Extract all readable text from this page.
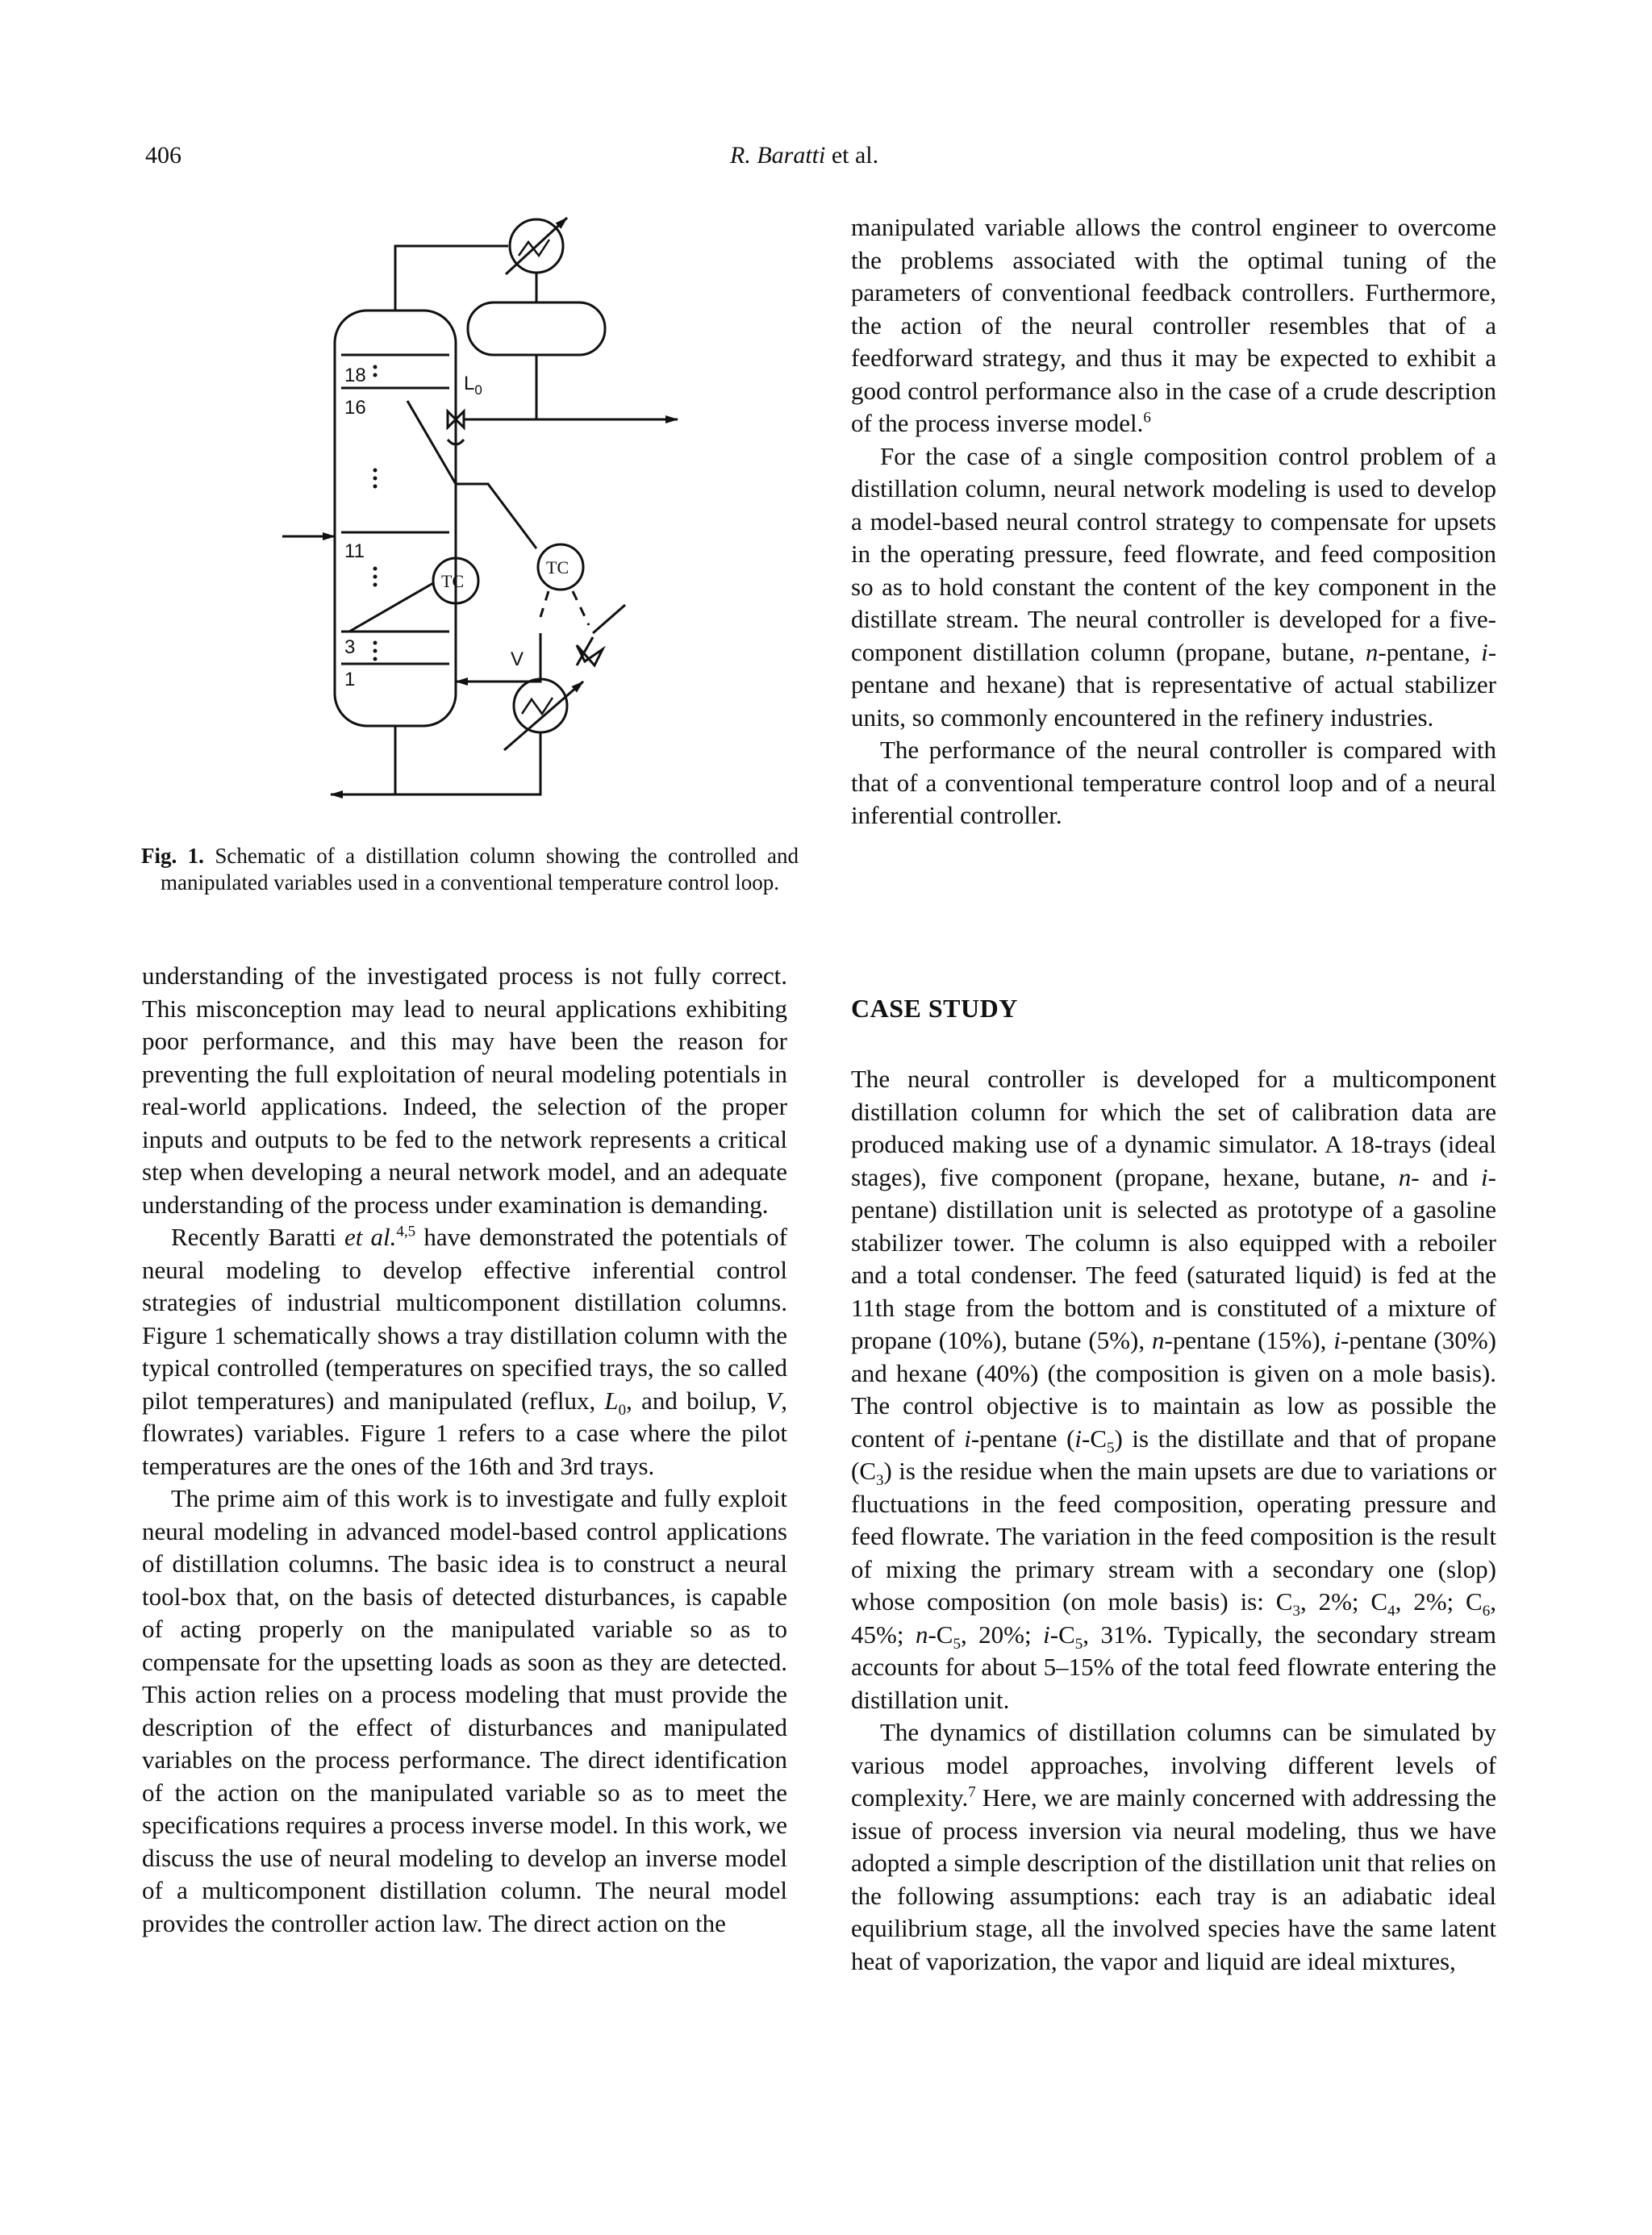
406	R. Baratti et al.
18
16
11
3
1
$L_0$
V
TC
TC
Fig. 1. Schematic of a distillation column showing the controlled and manipulated variables used in a conventional temperature control loop.

understanding of the investigated process is not fully correct. This misconception may lead to neural applications exhibiting poor performance, and this may have been the reason for preventing the full exploitation of neural modeling potentials in real-world applications. Indeed, the selection of the proper inputs and outputs to be fed to the network represents a critical step when developing a neural network model, and an adequate understanding of the process under examination is demanding.

Recently Baratti et al.$^{4,5}$ have demonstrated the potentials of neural modeling to develop effective inferential control strategies of industrial multicomponent distillation columns. Figure 1 schematically shows a tray distillation column with the typical controlled (temperatures on specified trays, the so called pilot temperatures) and manipulated (reflux, $L_0$, and boilup, V, flowrates) variables. Figure 1 refers to a case where the pilot temperatures are the ones of the 16th and 3rd trays.

The prime aim of this work is to investigate and fully exploit neural modeling in advanced model-based control applications of distillation columns. The basic idea is to construct a neural tool-box that, on the basis of detected disturbances, is capable of acting properly on the manipulated variable so as to compensate for the upsetting loads as soon as they are detected. This action relies on a process modeling that must provide the description of the effect of disturbances and manipulated variables on the process performance. The direct identification of the action on the manipulated variable so as to meet the specifications requires a process inverse model. In this work, we discuss the use of neural modeling to develop an inverse model of a multicomponent distillation column. The neural model provides the controller action law. The direct action on the

manipulated variable allows the control engineer to overcome the problems associated with the optimal tuning of the parameters of conventional feedback controllers. Furthermore, the action of the neural controller resembles that of a feedforward strategy, and thus it may be expected to exhibit a good control performance also in the case of a crude description of the process inverse model.$^6$

For the case of a single composition control problem of a distillation column, neural network modeling is used to develop a model-based neural control strategy to compensate for upsets in the operating pressure, feed flowrate, and feed composition so as to hold constant the content of the key component in the distillate stream. The neural controller is developed for a five-component distillation column (propane, butane, n-pentane, i-pentane and hexane) that is representative of actual stabilizer units, so commonly encountered in the refinery industries.

The performance of the neural controller is compared with that of a conventional temperature control loop and of a neural inferential controller.

CASE STUDY

The neural controller is developed for a multicomponent distillation column for which the set of calibration data are produced making use of a dynamic simulator. A 18-trays (ideal stages), five component (propane, hexane, butane, n- and i-pentane) distillation unit is selected as prototype of a gasoline stabilizer tower. The column is also equipped with a reboiler and a total condenser. The feed (saturated liquid) is fed at the 11th stage from the bottom and is constituted of a mixture of propane (10%), butane (5%), n-pentane (15%), i-pentane (30%) and hexane (40%) (the composition is given on a mole basis). The control objective is to maintain as low as possible the content of i-pentane $(i-C_5)$ is the distillate and that of propane $(C_3)$ is the residue when the main upsets are due to variations or fluctuations in the feed composition, operating pressure and feed flowrate. The variation in the feed composition is the result of mixing the primary stream with a secondary one (slop) whose composition (on mole basis) is: $C_3$, 2%; $C_4$, 2%; $C_6$, 45%; $n-C_5$, 20%; $i-C_5$, 31%. Typically, the secondary stream accounts for about 5–15% of the total feed flowrate entering the distillation unit.

The dynamics of distillation columns can be simulated by various model approaches, involving different levels of complexity.$^7$ Here, we are mainly concerned with addressing the issue of process inversion via neural modeling, thus we have adopted a simple description of the distillation unit that relies on the following assumptions: each tray is an adiabatic ideal equilibrium stage, all the involved species have the same latent heat of vaporization, the vapor and liquid are ideal mixtures,
